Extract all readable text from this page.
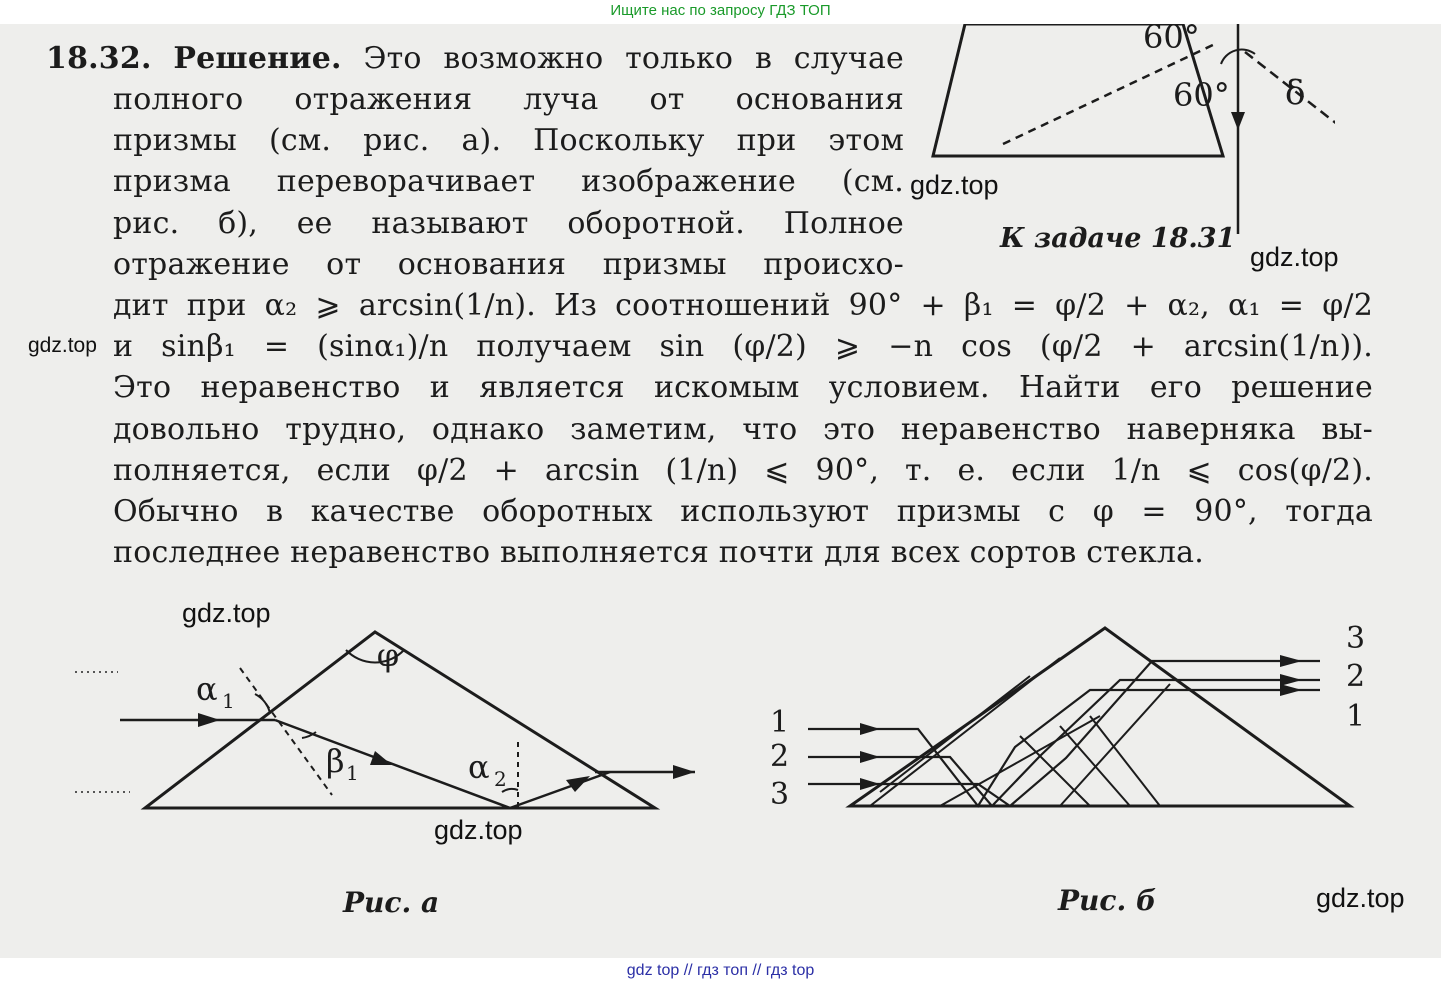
Ищите нас по запросу ГДЗ ТОП
60°
60° δ
К задаче 18.31
18.32. Решение. Это возможно только в случае
полного отражения луча от основания
призмы (см. рис. а). Поскольку при этом
призма переворачивает изображение (см.
рис. б), ее называют оборотной. Полное
отражение от основания призмы происхо-
дит при α₂ ⩾ arcsin(1/n). Из соотношений 90° + β₁ = φ/2 + α₂, α₁ = φ/2
и sinβ₁ = (sinα₁)/n получаем sin (φ/2) ⩾ −n cos (φ/2 + arcsin(1/n)).
Это неравенство и является искомым условием. Найти его решение
довольно трудно, однако заметим, что это неравенство наверняка вы-
полняется, если φ/2 + arcsin (1/n) ⩽ 90°, т. е. если 1/n ⩽ cos(φ/2).
Обычно в качестве оборотных используют призмы с φ = 90°, тогда
последнее неравенство выполняется почти для всех сортов стекла.
φ
α 1
β 1	α 2
Рис. а
1
2
3
3
2
1
Рис. б
gdz.top
gdz.top
gdz.top
gdz.top
gdz.top
gdz.top
gdz top // гдз топ // гдз top
